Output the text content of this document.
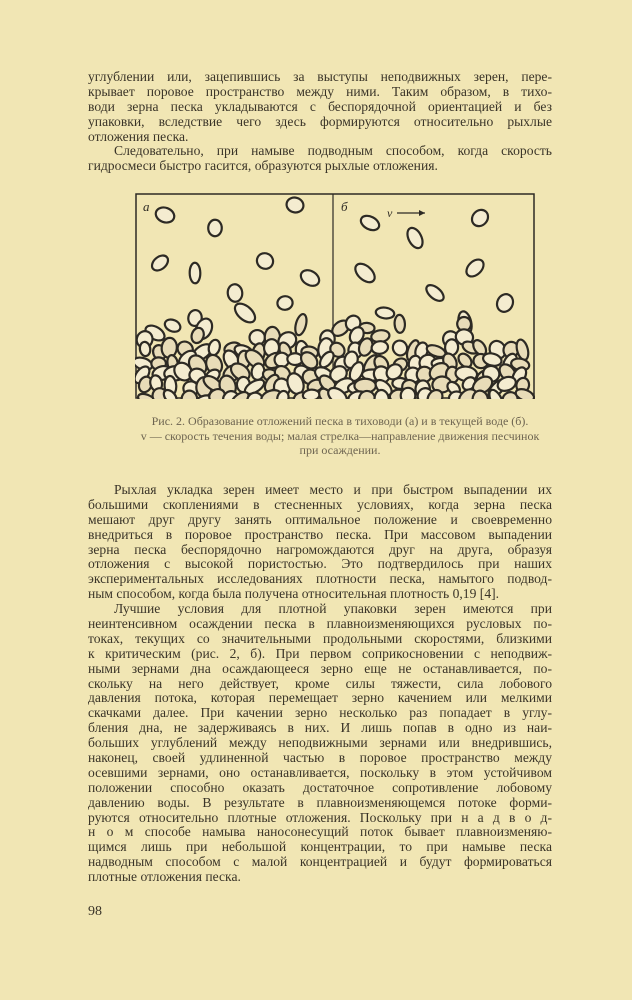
углублении или, зацепившись за выступы неподвижных зерен, пере-
крывает поровое пространство между ними. Таким образом, в тихо-
води зерна песка укладываются с беспорядочной ориентацией и без
упаковки, вследствие чего здесь формируются относительно рыхлые
отложения песка.
Следовательно, при намыве подводным способом, когда скорость
гидросмеси быстро гасится, образуются рыхлые отложения.
а	б	v
Рис. 2. Образование отложений песка в тиховоди (а) и в текущей воде (б).
v — скорость течения воды; малая стрелка—направление движения песчинок при осаждении.
Рыхлая укладка зерен имеет место и при быстром выпадении их
большими скоплениями в стесненных условиях, когда зерна песка
мешают друг другу занять оптимальное положение и своевременно
внедриться в поровое пространство песка. При массовом выпадении
зерна песка беспорядочно нагромождаются друг на друга, образуя
отложения с высокой пористостью. Это подтвердилось при наших
экспериментальных исследованиях плотности песка, намытого подвод-
ным способом, когда была получена относительная плотность 0,19 [4].
Лучшие условия для плотной упаковки зерен имеются при
неинтенсивном осаждении песка в плавноизменяющихся русловых по-
токах, текущих со значительными продольными скоростями, близкими
к критическим (рис. 2, б). При первом соприкосновении с неподвиж-
ными зернами дна осаждающееся зерно еще не останавливается, по-
скольку на него действует, кроме силы тяжести, сила лобового
давления потока, которая перемещает зерно качением или мелкими
скачками далее. При качении зерно несколько раз попадает в углу-
бления дна, не задерживаясь в них. И лишь попав в одно из наи-
больших углублений между неподвижными зернами или внедрившись,
наконец, своей удлиненной частью в поровое пространство между
осевшими зернами, оно останавливается, поскольку в этом устойчивом
положении способно оказать достаточное сопротивление лобовому
давлению воды. В результате в плавноизменяющемся потоке форми-
руются относительно плотные отложения. Поскольку при н а д в о д-
н о м способе намыва наносонесущий поток бывает плавноизменяю-
щимся лишь при небольшой концентрации, то при намыве песка
надводным способом с малой концентрацией и будут формироваться
плотные отложения песка.
98
